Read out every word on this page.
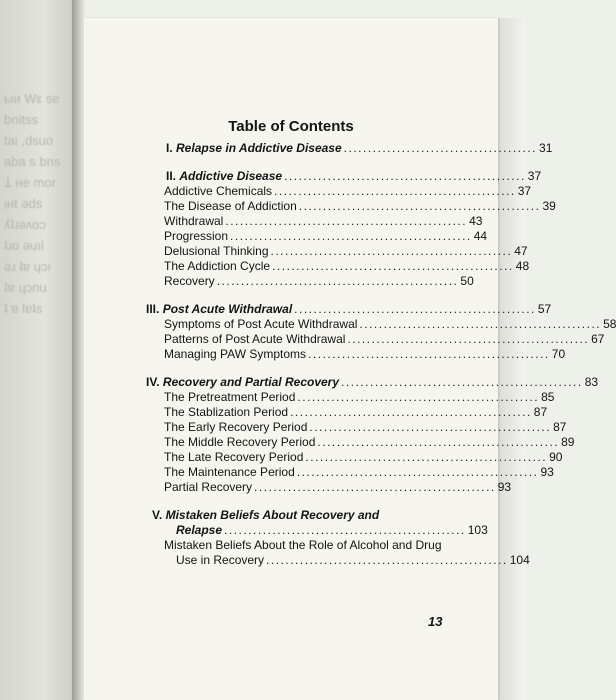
ыи Wε se
bnitss
tai ,dsuo
aba s bns
ꓕ ʜe mor
ᴉʜt ǝds
ʎʇɹǝʌoɔ
ʇɹo ǝuıl
ǝɹ ʇɐ ɥɔı
ʇɐ ɥɔnu
ʇ ɐ lɐʇs
Table of Contents
I. Relapse in Addictive Disease ........................................ 31
II. Addictive Disease .................................................. 37
Addictive Chemicals .................................................. 37
The Disease of Addiction .................................................. 39
Withdrawal .................................................. 43
Progression .................................................. 44
Delusional Thinking .................................................. 47
The Addiction Cycle .................................................. 48
Recovery .................................................. 50
III. Post Acute Withdrawal .................................................. 57
Symptoms of Post Acute Withdrawal .................................................. 58
Patterns of Post Acute Withdrawal .................................................. 67
Managing PAW Symptoms .................................................. 70
IV. Recovery and Partial Recovery .................................................. 83
The Pretreatment Period .................................................. 85
The Stablization Period .................................................. 87
The Early Recovery Period .................................................. 87
The Middle Recovery Period .................................................. 89
The Late Recovery Period .................................................. 90
The Maintenance Period .................................................. 93
Partial Recovery .................................................. 93
V. Mistaken Beliefs About Recovery and
Relapse .................................................. 103
Mistaken Beliefs About the Role of Alcohol and Drug
Use in Recovery .................................................. 104
13
